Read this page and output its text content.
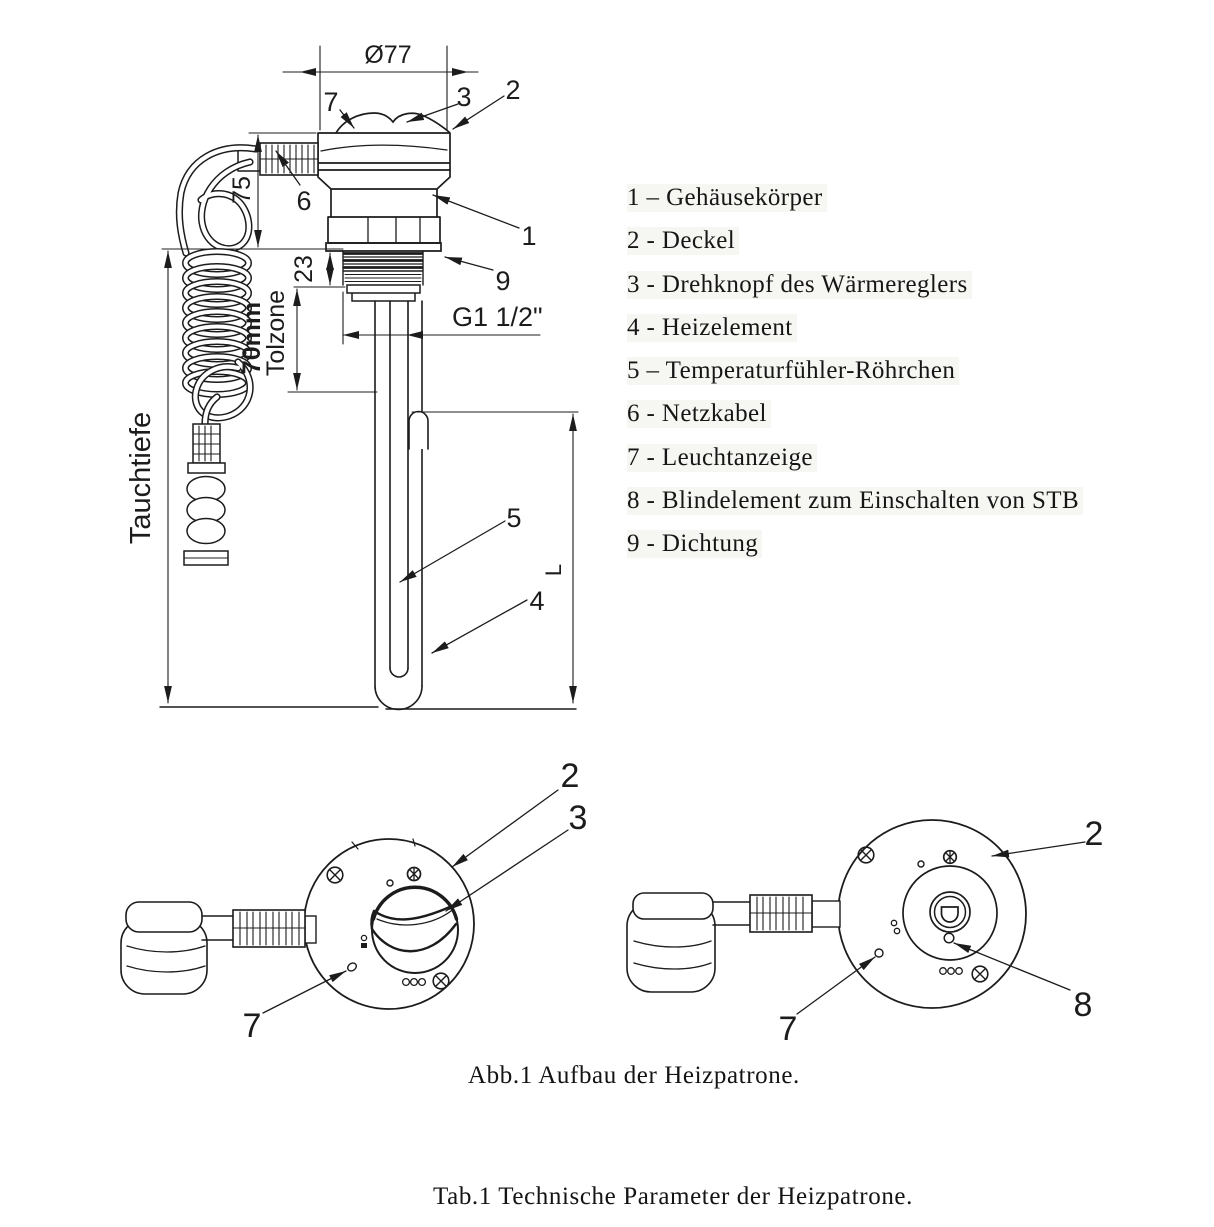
Ø77
75
23
70mm
Tolzone
Tauchtiefe
G1 1/2"
L
7	3 2
6
1
9
5
4
2
3
7
2
7
8
1 – Gehäusekörper
2 - Deckel
3 - Drehknopf des Wärmereglers
4 - Heizelement
5 – Temperaturfühler-Röhrchen
6 - Netzkabel
7 - Leuchtanzeige
8 - Blindelement zum Einschalten von STB
9 - Dichtung
Abb.1 Aufbau der Heizpatrone.
Tab.1 Technische Parameter der Heizpatrone.
